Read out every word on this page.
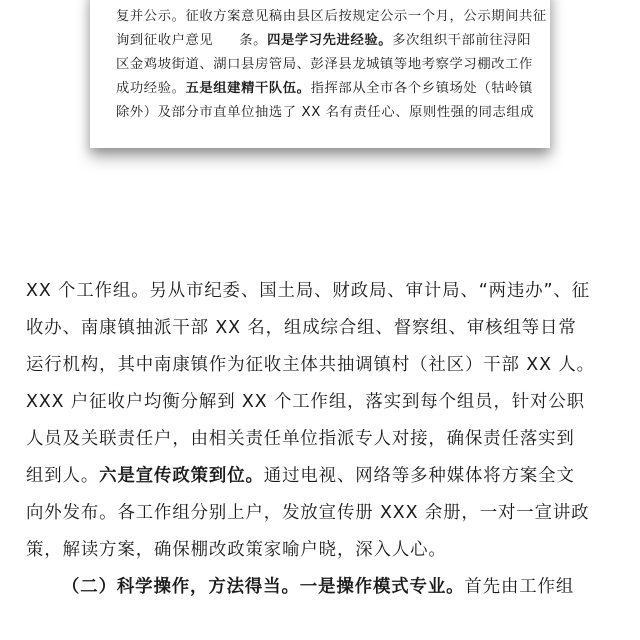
复并公示。征收方案意见稿由县区后按规定公示一个月，公示期间共征
询到征收户意见 条。四是学习先进经验。多次组织干部前往浔阳
区金鸡坡街道、湖口县房管局、彭泽县龙城镇等地考察学习棚改工作
成功经验。五是组建精干队伍。指挥部从全市各个乡镇场处（牯岭镇
除外）及部分市直单位抽选了 XX 名有责任心、原则性强的同志组成
XX 个工作组。另从市纪委、国土局、财政局、审计局、“两违办”、征
收办、南康镇抽派干部 XX 名，组成综合组、督察组、审核组等日常
运行机构，其中南康镇作为征收主体共抽调镇村（社区）干部 XX 人。
XXX 户征收户均衡分解到 XX 个工作组，落实到每个组员，针对公职
人员及关联责任户，由相关责任单位指派专人对接，确保责任落实到
组到人。六是宣传政策到位。通过电视、网络等多种媒体将方案全文
向外发布。各工作组分别上户，发放宣传册 XXX 余册，一对一宣讲政
策，解读方案，确保棚改政策家喻户晓，深入人心。
（二）科学操作，方法得当。一是操作模式专业。首先由工作组
